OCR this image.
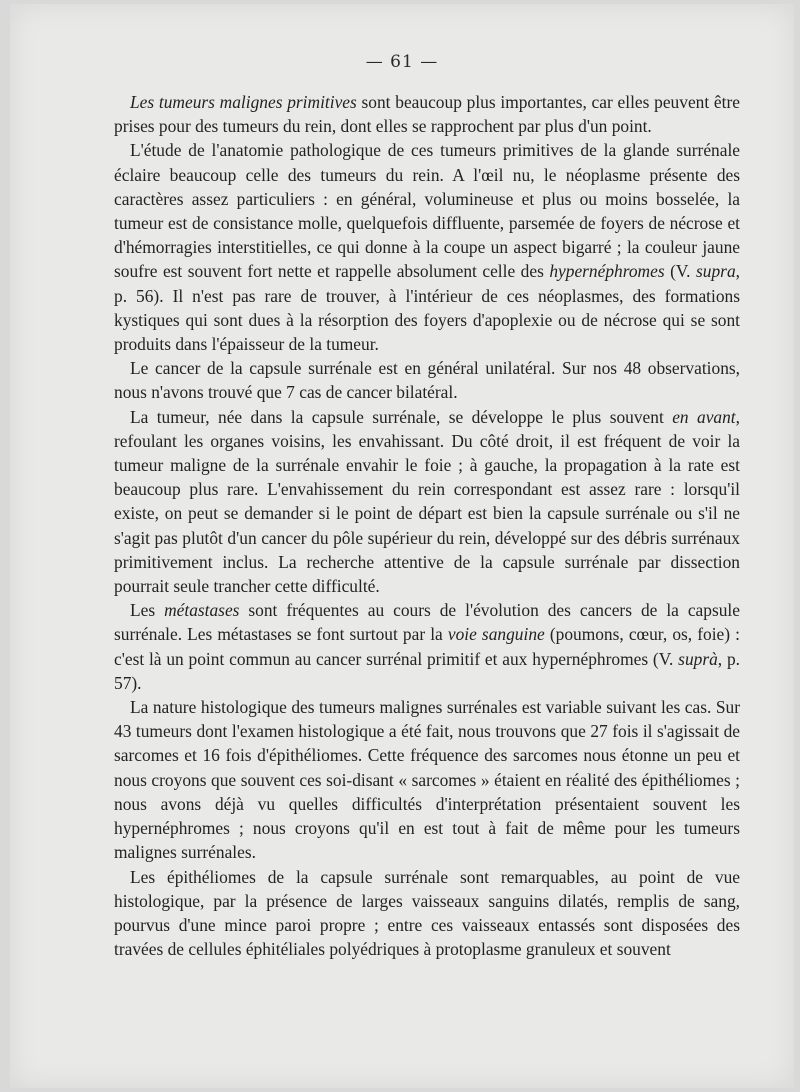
— 61 —

Les tumeurs malignes primitives sont beaucoup plus importantes, car elles peuvent être prises pour des tumeurs du rein, dont elles se rapprochent par plus d'un point.

L'étude de l'anatomie pathologique de ces tumeurs primitives de la glande surrénale éclaire beaucoup celle des tumeurs du rein. A l'œil nu, le néoplasme présente des caractères assez particuliers : en général, volumineuse et plus ou moins bosselée, la tumeur est de consistance molle, quelquefois diffluente, parsemée de foyers de nécrose et d'hémorragies interstitielles, ce qui donne à la coupe un aspect bigarré ; la couleur jaune soufre est souvent fort nette et rappelle absolument celle des hypernéphromes (V. supra, p. 56). Il n'est pas rare de trouver, à l'intérieur de ces néoplasmes, des formations kystiques qui sont dues à la résorption des foyers d'apoplexie ou de nécrose qui se sont produits dans l'épaisseur de la tumeur.

Le cancer de la capsule surrénale est en général unilatéral. Sur nos 48 observations, nous n'avons trouvé que 7 cas de cancer bilatéral.

La tumeur, née dans la capsule surrénale, se développe le plus souvent en avant, refoulant les organes voisins, les envahissant. Du côté droit, il est fréquent de voir la tumeur maligne de la surrénale envahir le foie ; à gauche, la propagation à la rate est beaucoup plus rare. L'envahissement du rein correspondant est assez rare : lorsqu'il existe, on peut se demander si le point de départ est bien la capsule surrénale ou s'il ne s'agit pas plutôt d'un cancer du pôle supérieur du rein, développé sur des débris surrénaux primitivement inclus. La recherche attentive de la capsule surrénale par dissection pourrait seule trancher cette difficulté.

Les métastases sont fréquentes au cours de l'évolution des cancers de la capsule surrénale. Les métastases se font surtout par la voie sanguine (poumons, cœur, os, foie) : c'est là un point commun au cancer surrénal primitif et aux hypernéphromes (V. suprà, p. 57).

La nature histologique des tumeurs malignes surrénales est variable suivant les cas. Sur 43 tumeurs dont l'examen histologique a été fait, nous trouvons que 27 fois il s'agissait de sarcomes et 16 fois d'épithéliomes. Cette fréquence des sarcomes nous étonne un peu et nous croyons que souvent ces soi-disant « sarcomes » étaient en réalité des épithéliomes ; nous avons déjà vu quelles difficultés d'interprétation présentaient souvent les hypernéphromes ; nous croyons qu'il en est tout à fait de même pour les tumeurs malignes surrénales.

Les épithéliomes de la capsule surrénale sont remarquables, au point de vue histologique, par la présence de larges vaisseaux sanguins dilatés, remplis de sang, pourvus d'une mince paroi propre ; entre ces vaisseaux entassés sont disposées des travées de cellules éphitéliales polyédriques à protoplasme granuleux et souvent
